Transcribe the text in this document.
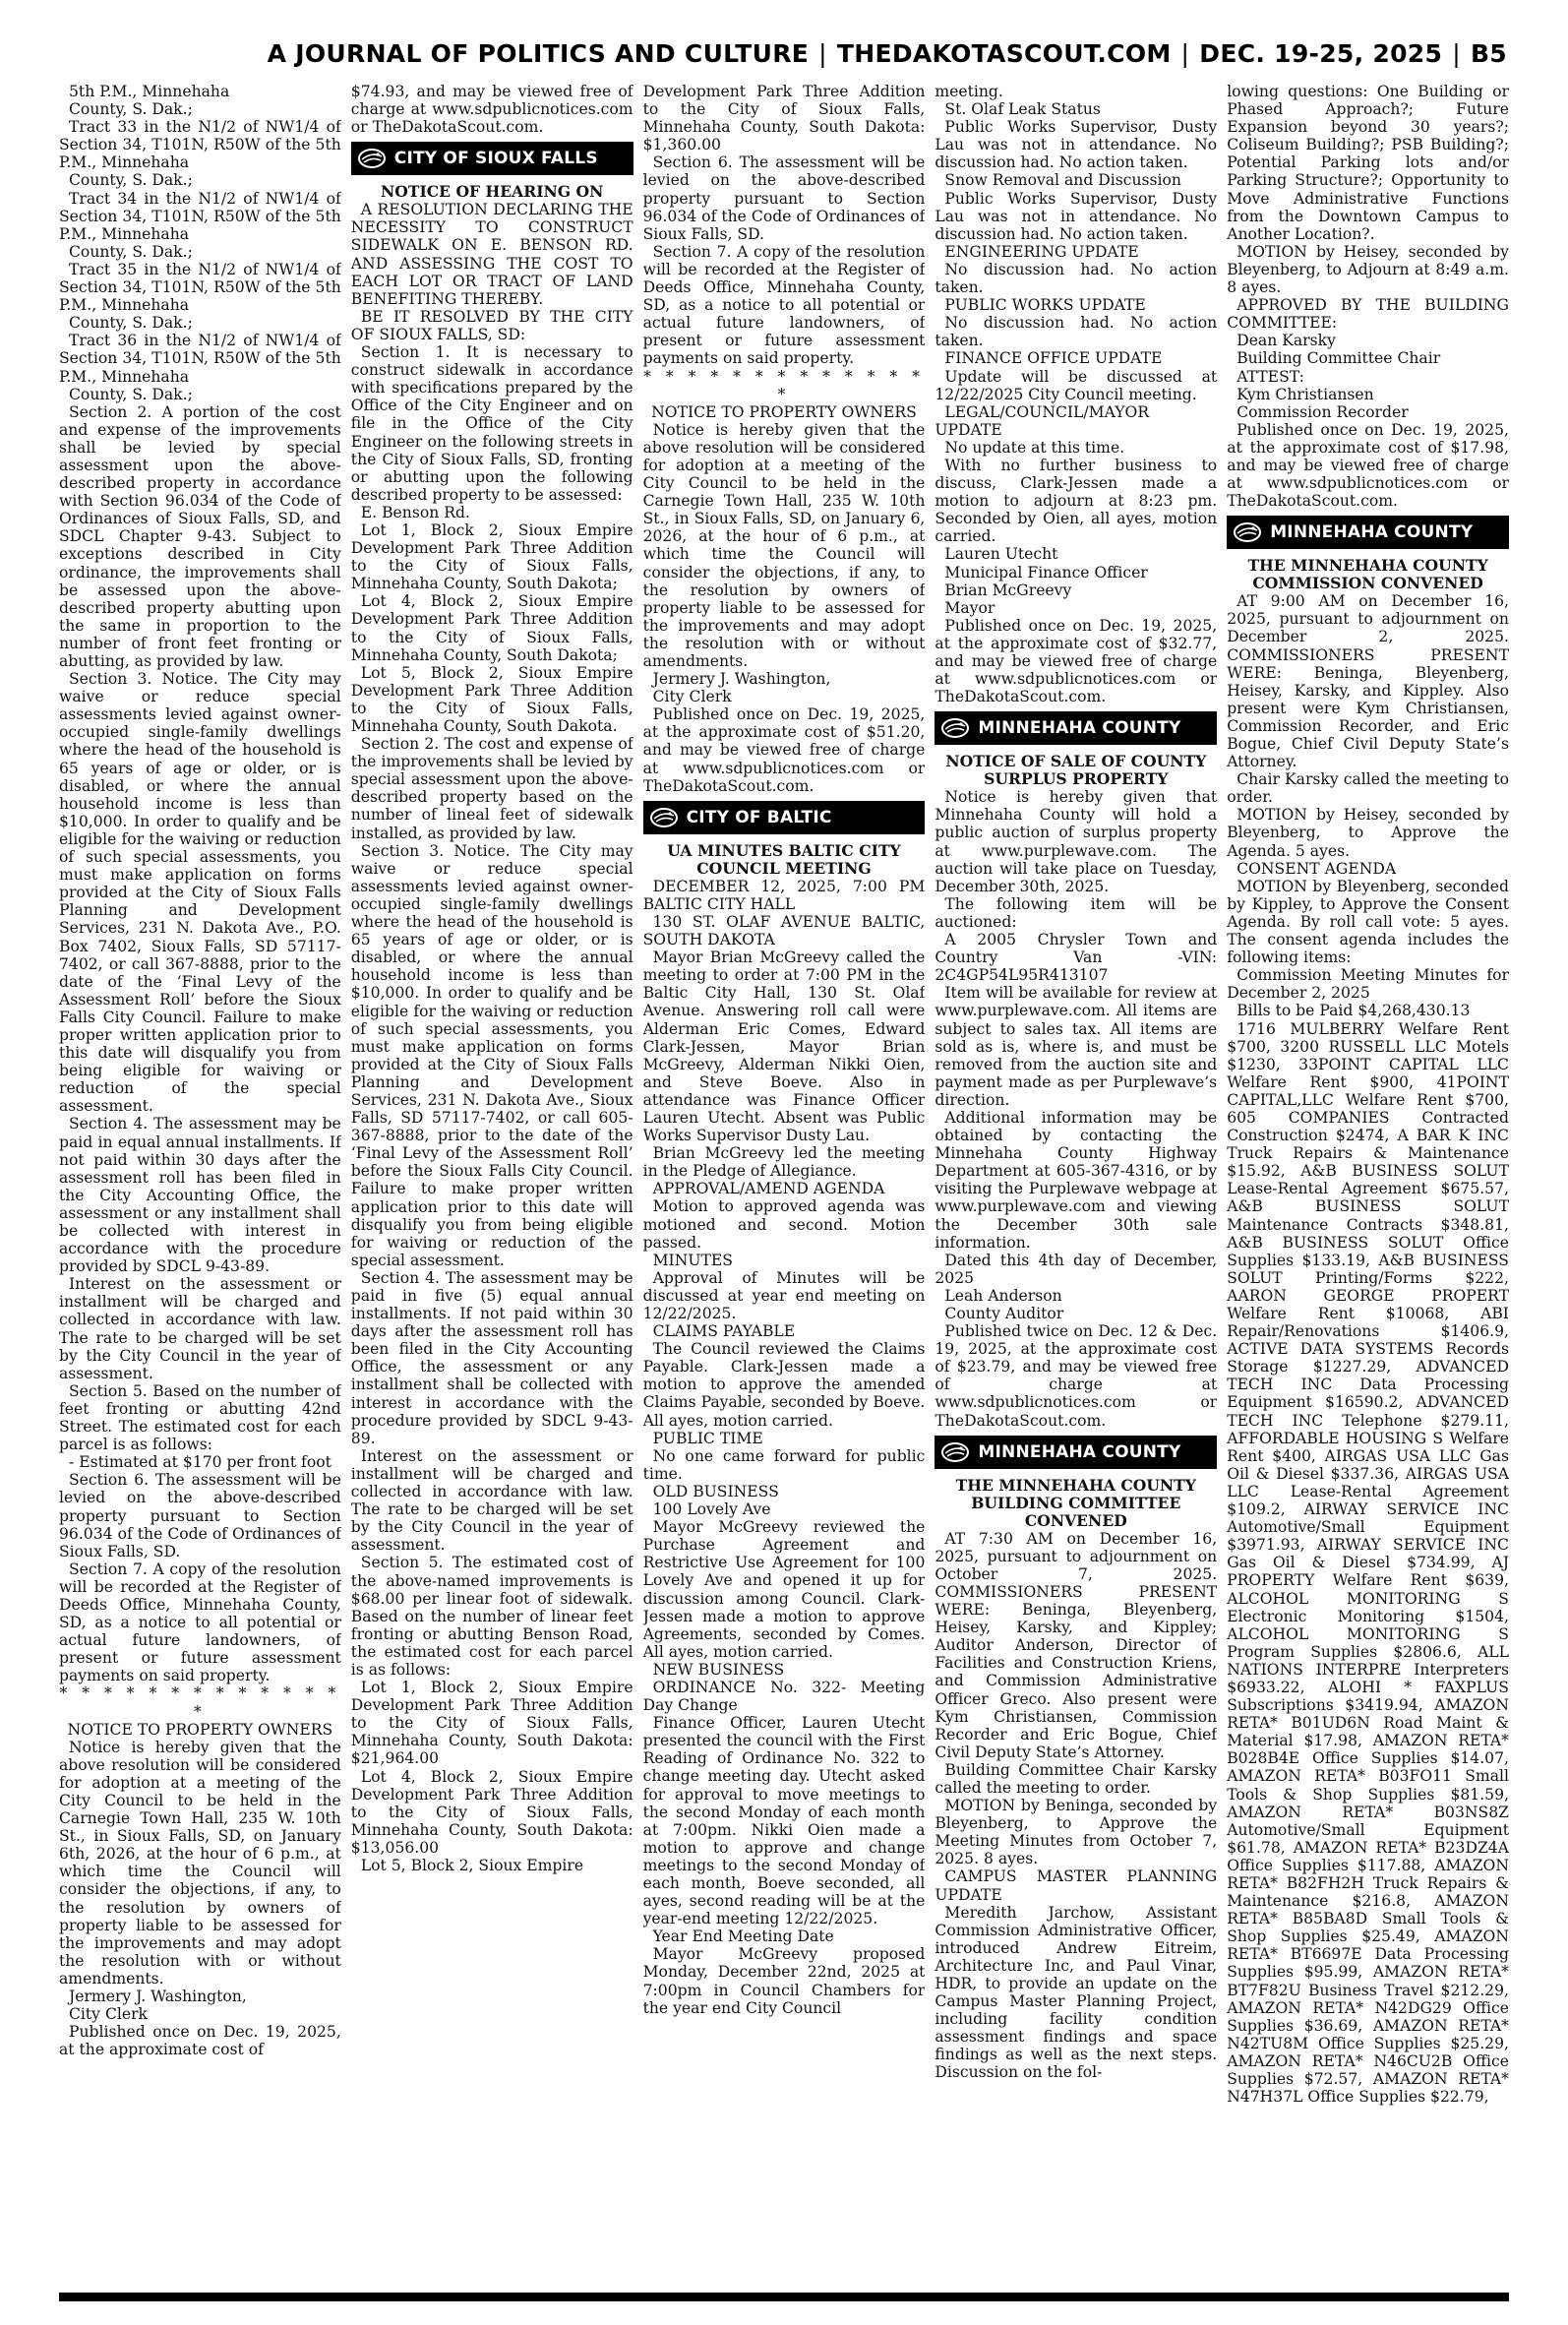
A JOURNAL OF POLITICS AND CULTURE | THEDAKOTASCOUT.COM | DEC. 19-25, 2025 | B5

5th P.M., Minnehaha

County, S. Dak.;

Tract 33 in the N1/2 of NW1/4 of Section 34, T101N, R50W of the 5th P.M., Minnehaha

County, S. Dak.;

Tract 34 in the N1/2 of NW1/4 of Section 34, T101N, R50W of the 5th P.M., Minnehaha

County, S. Dak.;

Tract 35 in the N1/2 of NW1/4 of Section 34, T101N, R50W of the 5th P.M., Minnehaha

County, S. Dak.;

Tract 36 in the N1/2 of NW1/4 of Section 34, T101N, R50W of the 5th P.M., Minnehaha

County, S. Dak.;

Section 2. A portion of the cost and expense of the improvements shall be levied by special assessment upon the above-described property in accordance with Section 96.034 of the Code of Ordinances of Sioux Falls, SD, and SDCL Chapter 9-43. Subject to exceptions described in City ordinance, the improvements shall be assessed upon the above-described property abutting upon the same in proportion to the number of front feet fronting or abutting, as provided by law.

Section 3. Notice. The City may waive or reduce special assessments levied against owner-occupied single-family dwellings where the head of the household is 65 years of age or older, or is disabled, or where the annual household income is less than $10,000. In order to qualify and be eligible for the waiving or reduction of such special assessments, you must make application on forms provided at the City of Sioux Falls Planning and Development Services, 231 N. Dakota Ave., P.O. Box 7402, Sioux Falls, SD 57117-7402, or call 367-8888, prior to the date of the ‘Final Levy of the Assessment Roll’ before the Sioux Falls City Council. Failure to make proper written application prior to this date will disqualify you from being eligible for waiving or reduction of the special assessment.

Section 4. The assessment may be paid in equal annual installments. If not paid within 30 days after the assessment roll has been filed in the City Accounting Office, the assessment or any installment shall be collected with interest in accordance with the procedure provided by SDCL 9-43-89.

Interest on the assessment or installment will be charged and collected in accordance with law. The rate to be charged will be set by the City Council in the year of assessment.

Section 5. Based on the number of feet fronting or abutting 42nd Street. The estimated cost for each parcel is as follows:

- Estimated at $170 per front foot

Section 6. The assessment will be levied on the above-described property pursuant to Section 96.034 of the Code of Ordinances of Sioux Falls, SD.

Section 7. A copy of the resolution will be recorded at the Register of Deeds Office, Minnehaha County, SD, as a notice to all potential or actual future landowners, of present or future assessment payments on said property.

* * * * * * * * * * * * * *

NOTICE TO PROPERTY OWNERS

Notice is hereby given that the above resolution will be considered for adoption at a meeting of the City Council to be held in the Carnegie Town Hall, 235 W. 10th St., in Sioux Falls, SD, on January 6th, 2026, at the hour of 6 p.m., at which time the Council will consider the objections, if any, to the resolution by owners of property liable to be assessed for the improvements and may adopt the resolution with or without amendments.

Jermery J. Washington,

City Clerk

Published once on Dec. 19, 2025, at the approximate cost of

$74.93, and may be viewed free of charge at www.sdpublicnotices.com or TheDakotaScout.com.

CITY OF SIOUX FALLS

NOTICE OF HEARING ON

A RESOLUTION DECLARING THE NECESSITY TO CONSTRUCT SIDEWALK ON E. BENSON RD. AND ASSESSING THE COST TO EACH LOT OR TRACT OF LAND BENEFITING THEREBY.

BE IT RESOLVED BY THE CITY OF SIOUX FALLS, SD:

Section 1. It is necessary to construct sidewalk in accordance with specifications prepared by the Office of the City Engineer and on file in the Office of the City Engineer on the following streets in the City of Sioux Falls, SD, fronting or abutting upon the following described property to be assessed:

E. Benson Rd.

Lot 1, Block 2, Sioux Empire Development Park Three Addition to the City of Sioux Falls, Minnehaha County, South Dakota;

Lot 4, Block 2, Sioux Empire Development Park Three Addition to the City of Sioux Falls, Minnehaha County, South Dakota;

Lot 5, Block 2, Sioux Empire Development Park Three Addition to the City of Sioux Falls, Minnehaha County, South Dakota.

Section 2. The cost and expense of the improvements shall be levied by special assessment upon the above-described property based on the number of lineal feet of sidewalk installed, as provided by law.

Section 3. Notice. The City may waive or reduce special assessments levied against owner-occupied single-family dwellings where the head of the household is 65 years of age or older, or is disabled, or where the annual household income is less than $10,000. In order to qualify and be eligible for the waiving or reduction of such special assessments, you must make application on forms provided at the City of Sioux Falls Planning and Development Services, 231 N. Dakota Ave., Sioux Falls, SD 57117-7402, or call 605-367-8888, prior to the date of the ‘Final Levy of the Assessment Roll’ before the Sioux Falls City Council. Failure to make proper written application prior to this date will disqualify you from being eligible for waiving or reduction of the special assessment.

Section 4. The assessment may be paid in five (5) equal annual installments. If not paid within 30 days after the assessment roll has been filed in the City Accounting Office, the assessment or any installment shall be collected with interest in accordance with the procedure provided by SDCL 9-43-89.

Interest on the assessment or installment will be charged and collected in accordance with law. The rate to be charged will be set by the City Council in the year of assessment.

Section 5. The estimated cost of the above-named improvements is $68.00 per linear foot of sidewalk. Based on the number of linear feet fronting or abutting Benson Road, the estimated cost for each parcel is as follows:

Lot 1, Block 2, Sioux Empire Development Park Three Addition to the City of Sioux Falls, Minnehaha County, South Dakota: $21,964.00

Lot 4, Block 2, Sioux Empire Development Park Three Addition to the City of Sioux Falls, Minnehaha County, South Dakota: $13,056.00

Lot 5, Block 2, Sioux Empire

Development Park Three Addition to the City of Sioux Falls, Minnehaha County, South Dakota: $1,360.00

Section 6. The assessment will be levied on the above-described property pursuant to Section 96.034 of the Code of Ordinances of Sioux Falls, SD.

Section 7. A copy of the resolution will be recorded at the Register of Deeds Office, Minnehaha County, SD, as a notice to all potential or actual future landowners, of present or future assessment payments on said property.

* * * * * * * * * * * * * *

NOTICE TO PROPERTY OWNERS

Notice is hereby given that the above resolution will be considered for adoption at a meeting of the City Council to be held in the Carnegie Town Hall, 235 W. 10th St., in Sioux Falls, SD, on January 6, 2026, at the hour of 6 p.m., at which time the Council will consider the objections, if any, to the resolution by owners of property liable to be assessed for the improvements and may adopt the resolution with or without amendments.

Jermery J. Washington,

City Clerk

Published once on Dec. 19, 2025, at the approximate cost of $51.20, and may be viewed free of charge at www.sdpublicnotices.com or TheDakotaScout.com.

CITY OF BALTIC

UA MINUTES BALTIC CITY COUNCIL MEETING

DECEMBER 12, 2025, 7:00 PM BALTIC CITY HALL

130 ST. OLAF AVENUE BALTIC, SOUTH DAKOTA

Mayor Brian McGreevy called the meeting to order at 7:00 PM in the Baltic City Hall, 130 St. Olaf Avenue. Answering roll call were Alderman Eric Comes, Edward Clark-Jessen, Mayor Brian McGreevy, Alderman Nikki Oien, and Steve Boeve. Also in attendance was Finance Officer Lauren Utecht. Absent was Public Works Supervisor Dusty Lau.

Brian McGreevy led the meeting in the Pledge of Allegiance.

APPROVAL/AMEND AGENDA

Motion to approved agenda was motioned and second. Motion passed.

MINUTES

Approval of Minutes will be discussed at year end meeting on 12/22/2025.

CLAIMS PAYABLE

The Council reviewed the Claims Payable. Clark-Jessen made a motion to approve the amended Claims Payable, seconded by Boeve. All ayes, motion carried.

PUBLIC TIME

No one came forward for public time.

OLD BUSINESS

100 Lovely Ave

Mayor McGreevy reviewed the Purchase Agreement and Restrictive Use Agreement for 100 Lovely Ave and opened it up for discussion among Council. Clark-Jessen made a motion to approve Agreements, seconded by Comes. All ayes, motion carried.

NEW BUSINESS

ORDINANCE No. 322- Meeting Day Change

Finance Officer, Lauren Utecht presented the council with the First Reading of Ordinance No. 322 to change meeting day. Utecht asked for approval to move meetings to the second Monday of each month at 7:00pm. Nikki Oien made a motion to approve and change meetings to the second Monday of each month, Boeve seconded, all ayes, second reading will be at the year-end meeting 12/22/2025.

Year End Meeting Date

Mayor McGreevy proposed Monday, December 22nd, 2025 at 7:00pm in Council Chambers for the year end City Council

meeting.

St. Olaf Leak Status

Public Works Supervisor, Dusty Lau was not in attendance. No discussion had. No action taken.

Snow Removal and Discussion

Public Works Supervisor, Dusty Lau was not in attendance. No discussion had. No action taken.

ENGINEERING UPDATE

No discussion had. No action taken.

PUBLIC WORKS UPDATE

No discussion had. No action taken.

FINANCE OFFICE UPDATE

Update will be discussed at 12/22/2025 City Council meeting.

LEGAL/COUNCIL/MAYOR UPDATE

No update at this time.

With no further business to discuss, Clark-Jessen made a motion to adjourn at 8:23 pm. Seconded by Oien, all ayes, motion carried.

Lauren Utecht

Municipal Finance Officer

Brian McGreevy

Mayor

Published once on Dec. 19, 2025, at the approximate cost of $32.77, and may be viewed free of charge at www.sdpublicnotices.com or TheDakotaScout.com.

MINNEHAHA COUNTY

NOTICE OF SALE OF COUNTY SURPLUS PROPERTY

Notice is hereby given that Minnehaha County will hold a public auction of surplus property at www.purplewave.com. The auction will take place on Tuesday, December 30th, 2025.

The following item will be auctioned:

A 2005 Chrysler Town and Country Van -VIN: 2C4GP54L95R413107

Item will be available for review at www.purplewave.com. All items are subject to sales tax. All items are sold as is, where is, and must be removed from the auction site and payment made as per Purplewave’s direction.

Additional information may be obtained by contacting the Minnehaha County Highway Department at 605-367-4316, or by visiting the Purplewave webpage at www.purplewave.com and viewing the December 30th sale information.

Dated this 4th day of December, 2025

Leah Anderson

County Auditor

Published twice on Dec. 12 & Dec. 19, 2025, at the approximate cost of $23.79, and may be viewed free of charge at www.sdpublicnotices.com or TheDakotaScout.com.

MINNEHAHA COUNTY

THE MINNEHAHA COUNTY BUILDING COMMITTEE CONVENED

AT 7:30 AM on December 16, 2025, pursuant to adjournment on October 7, 2025. COMMISSIONERS PRESENT WERE: Beninga, Bleyenberg, Heisey, Karsky, and Kippley; Auditor Anderson, Director of Facilities and Construction Kriens, and Commission Administrative Officer Greco. Also present were Kym Christiansen, Commission Recorder and Eric Bogue, Chief Civil Deputy State’s Attorney.

Building Committee Chair Karsky called the meeting to order.

MOTION by Beninga, seconded by Bleyenberg, to Approve the Meeting Minutes from October 7, 2025. 8 ayes.

CAMPUS MASTER PLANNING UPDATE

Meredith Jarchow, Assistant Commission Administrative Officer, introduced Andrew Eitreim, Architecture Inc, and Paul Vinar, HDR, to provide an update on the Campus Master Planning Project, including facility condition assessment findings and space findings as well as the next steps. Discussion on the fol-

lowing questions: One Building or Phased Approach?; Future Expansion beyond 30 years?; Coliseum Building?; PSB Building?; Potential Parking lots and/or Parking Structure?; Opportunity to Move Administrative Functions from the Downtown Campus to Another Location?.

MOTION by Heisey, seconded by Bleyenberg, to Adjourn at 8:49 a.m. 8 ayes.

APPROVED BY THE BUILDING COMMITTEE:

Dean Karsky

Building Committee Chair

ATTEST:

Kym Christiansen

Commission Recorder

Published once on Dec. 19, 2025, at the approximate cost of $17.98, and may be viewed free of charge at www.sdpublicnotices.com or TheDakotaScout.com.

MINNEHAHA COUNTY

THE MINNEHAHA COUNTY COMMISSION CONVENED

AT 9:00 AM on December 16, 2025, pursuant to adjournment on December 2, 2025. COMMISSIONERS PRESENT WERE: Beninga, Bleyenberg, Heisey, Karsky, and Kippley. Also present were Kym Christiansen, Commission Recorder, and Eric Bogue, Chief Civil Deputy State’s Attorney.

Chair Karsky called the meeting to order.

MOTION by Heisey, seconded by Bleyenberg, to Approve the Agenda. 5 ayes.

CONSENT AGENDA

MOTION by Bleyenberg, seconded by Kippley, to Approve the Consent Agenda. By roll call vote: 5 ayes. The consent agenda includes the following items:

Commission Meeting Minutes for December 2, 2025

Bills to be Paid $4,268,430.13

1716 MULBERRY Welfare Rent $700, 3200 RUSSELL LLC Motels $1230, 33POINT CAPITAL LLC Welfare Rent $900, 41POINT CAPITAL,LLC Welfare Rent $700, 605 COMPANIES Contracted Construction $2474, A BAR K INC Truck Repairs & Maintenance $15.92, A&B BUSINESS SOLUT Lease-Rental Agreement $675.57, A&B BUSINESS SOLUT Maintenance Contracts $348.81, A&B BUSINESS SOLUT Office Supplies $133.19, A&B BUSINESS SOLUT Printing/Forms $222, AARON GEORGE PROPERT Welfare Rent $10068, ABI Repair/Renovations $1406.9, ACTIVE DATA SYSTEMS Records Storage $1227.29, ADVANCED TECH INC Data Processing Equipment $16590.2, ADVANCED TECH INC Telephone $279.11, AFFORDABLE HOUSING S Welfare Rent $400, AIRGAS USA LLC Gas Oil & Diesel $337.36, AIRGAS USA LLC Lease-Rental Agreement $109.2, AIRWAY SERVICE INC Automotive/Small Equipment $3971.93, AIRWAY SERVICE INC Gas Oil & Diesel $734.99, AJ PROPERTY Welfare Rent $639, ALCOHOL MONITORING S Electronic Monitoring $1504, ALCOHOL MONITORING S Program Supplies $2806.6, ALL NATIONS INTERPRE Interpreters $6933.22, ALOHI * FAXPLUS Subscriptions $3419.94, AMAZON RETA* B01UD6N Road Maint & Material $17.98, AMAZON RETA* B028B4E Office Supplies $14.07, AMAZON RETA* B03FO11 Small Tools & Shop Supplies $81.59, AMAZON RETA* B03NS8Z Automotive/Small Equipment $61.78, AMAZON RETA* B23DZ4A Office Supplies $117.88, AMAZON RETA* B82FH2H Truck Repairs & Maintenance $216.8, AMAZON RETA* B85BA8D Small Tools & Shop Supplies $25.49, AMAZON RETA* BT6697E Data Processing Supplies $95.99, AMAZON RETA* BT7F82U Business Travel $212.29, AMAZON RETA* N42DG29 Office Supplies $36.69, AMAZON RETA* N42TU8M Office Supplies $25.29, AMAZON RETA* N46CU2B Office Supplies $72.57, AMAZON RETA* N47H37L Office Supplies $22.79,
